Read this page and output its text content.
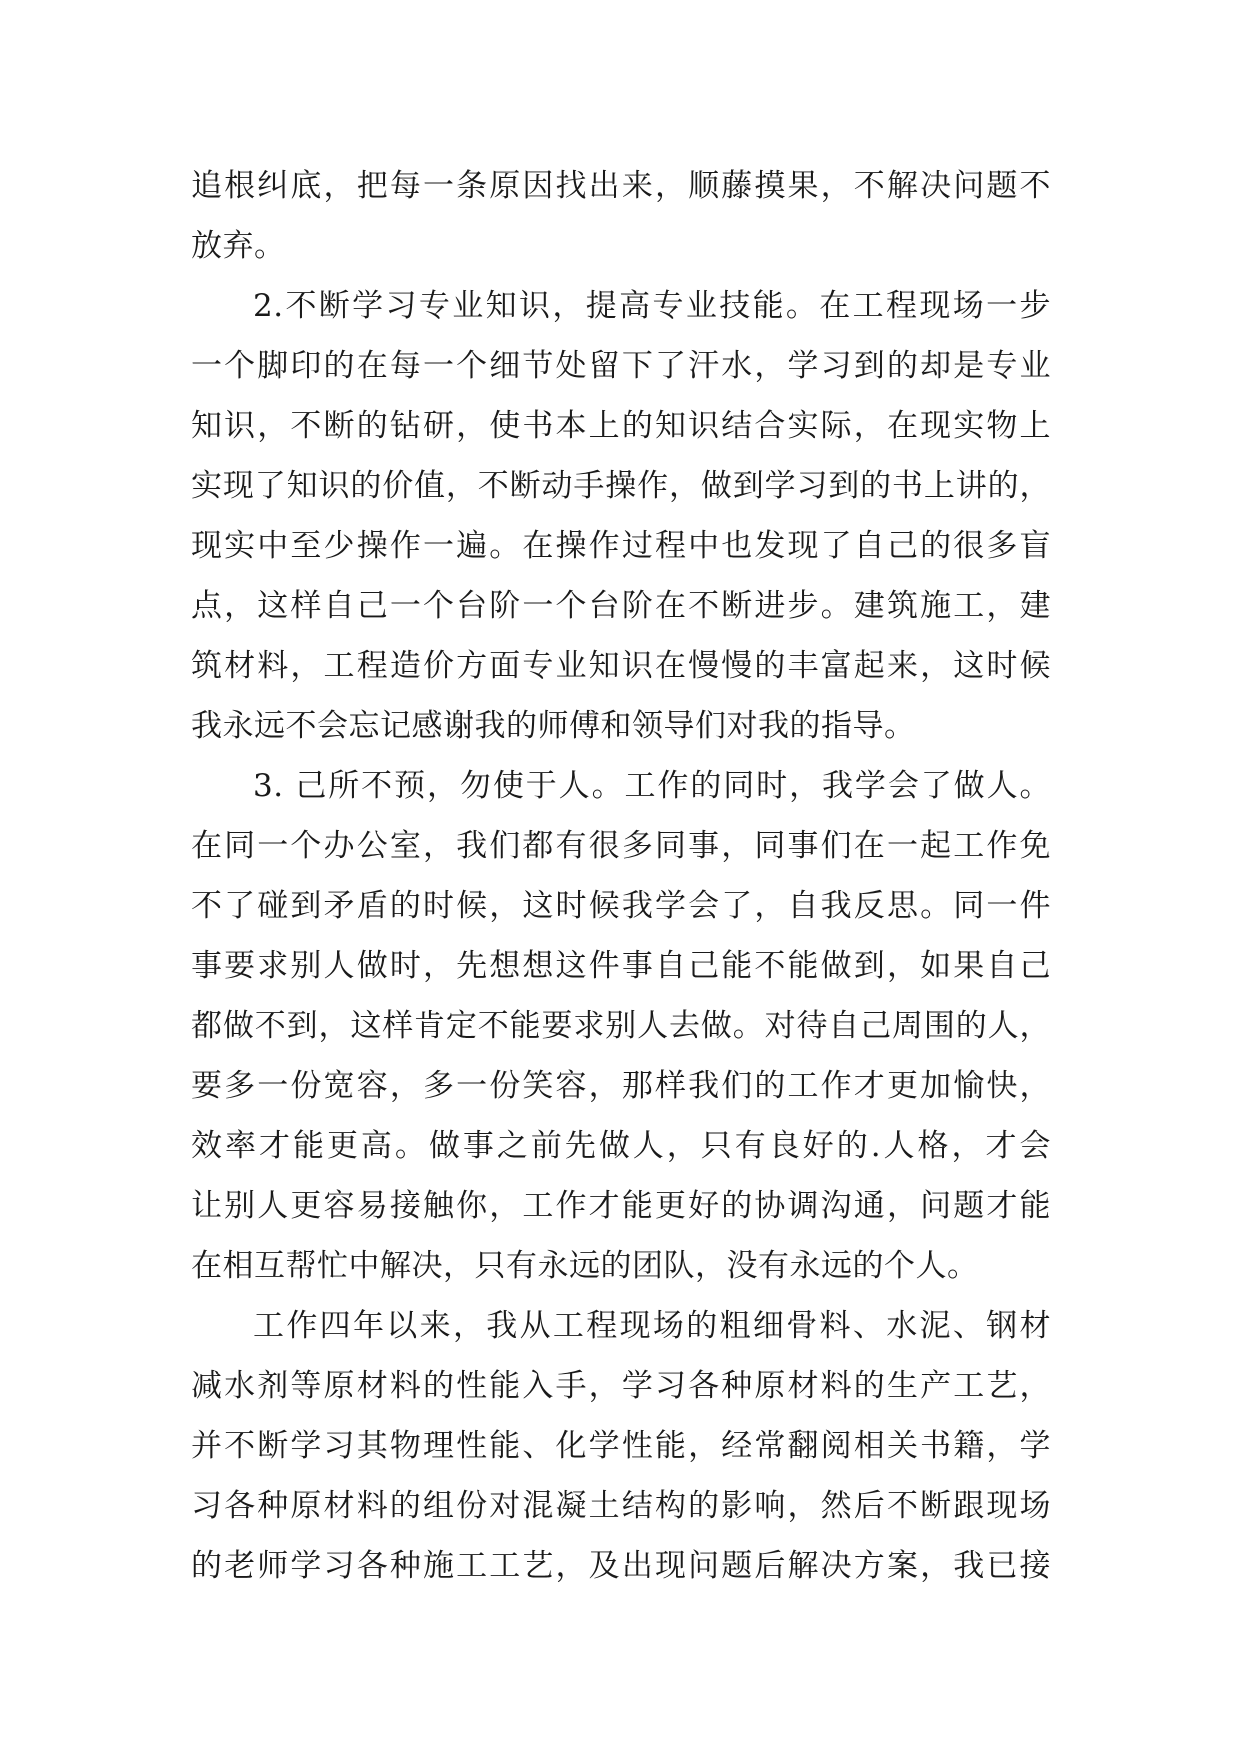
追根纠底，把每一条原因找出来，顺藤摸果，不解决问题不
放弃。
2.不断学习专业知识，提高专业技能。在工程现场一步
一个脚印的在每一个细节处留下了汗水，学习到的却是专业
知识，不断的钻研，使书本上的知识结合实际，在现实物上
实现了知识的价值，不断动手操作，做到学习到的书上讲的，
现实中至少操作一遍。在操作过程中也发现了自己的很多盲
点，这样自己一个台阶一个台阶在不断进步。建筑施工，建
筑材料，工程造价方面专业知识在慢慢的丰富起来，这时候
我永远不会忘记感谢我的师傅和领导们对我的指导。
3. 己所不预，勿使于人。工作的同时，我学会了做人。
在同一个办公室，我们都有很多同事，同事们在一起工作免
不了碰到矛盾的时候，这时候我学会了，自我反思。同一件
事要求别人做时，先想想这件事自己能不能做到，如果自己
都做不到，这样肯定不能要求别人去做。对待自己周围的人，
要多一份宽容，多一份笑容，那样我们的工作才更加愉快，
效率才能更高。做事之前先做人，只有良好的.人格，才会
让别人更容易接触你，工作才能更好的协调沟通，问题才能
在相互帮忙中解决，只有永远的团队，没有永远的个人。
工作四年以来，我从工程现场的粗细骨料、水泥、钢材
减水剂等原材料的性能入手，学习各种原材料的生产工艺，
并不断学习其物理性能、化学性能，经常翻阅相关书籍，学
习各种原材料的组份对混凝土结构的影响，然后不断跟现场
的老师学习各种施工工艺，及出现问题后解决方案，我已接
